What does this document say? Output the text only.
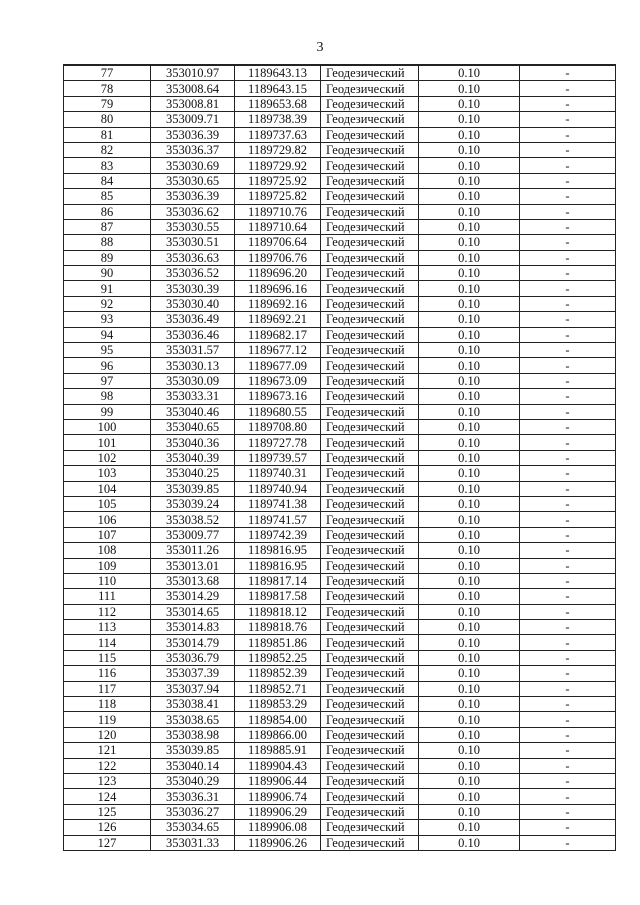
3
77	353010.97	1189643.13	Геодезический	0.10	-
78	353008.64	1189643.15	Геодезический	0.10	-
79	353008.81	1189653.68	Геодезический	0.10	-
80	353009.71	1189738.39	Геодезический	0.10	-
81	353036.39	1189737.63	Геодезический	0.10	-
82	353036.37	1189729.82	Геодезический	0.10	-
83	353030.69	1189729.92	Геодезический	0.10	-
84	353030.65	1189725.92	Геодезический	0.10	-
85	353036.39	1189725.82	Геодезический	0.10	-
86	353036.62	1189710.76	Геодезический	0.10	-
87	353030.55	1189710.64	Геодезический	0.10	-
88	353030.51	1189706.64	Геодезический	0.10	-
89	353036.63	1189706.76	Геодезический	0.10	-
90	353036.52	1189696.20	Геодезический	0.10	-
91	353030.39	1189696.16	Геодезический	0.10	-
92	353030.40	1189692.16	Геодезический	0.10	-
93	353036.49	1189692.21	Геодезический	0.10	-
94	353036.46	1189682.17	Геодезический	0.10	-
95	353031.57	1189677.12	Геодезический	0.10	-
96	353030.13	1189677.09	Геодезический	0.10	-
97	353030.09	1189673.09	Геодезический	0.10	-
98	353033.31	1189673.16	Геодезический	0.10	-
99	353040.46	1189680.55	Геодезический	0.10	-
100	353040.65	1189708.80	Геодезический	0.10	-
101	353040.36	1189727.78	Геодезический	0.10	-
102	353040.39	1189739.57	Геодезический	0.10	-
103	353040.25	1189740.31	Геодезический	0.10	-
104	353039.85	1189740.94	Геодезический	0.10	-
105	353039.24	1189741.38	Геодезический	0.10	-
106	353038.52	1189741.57	Геодезический	0.10	-
107	353009.77	1189742.39	Геодезический	0.10	-
108	353011.26	1189816.95	Геодезический	0.10	-
109	353013.01	1189816.95	Геодезический	0.10	-
110	353013.68	1189817.14	Геодезический	0.10	-
111	353014.29	1189817.58	Геодезический	0.10	-
112	353014.65	1189818.12	Геодезический	0.10	-
113	353014.83	1189818.76	Геодезический	0.10	-
114	353014.79	1189851.86	Геодезический	0.10	-
115	353036.79	1189852.25	Геодезический	0.10	-
116	353037.39	1189852.39	Геодезический	0.10	-
117	353037.94	1189852.71	Геодезический	0.10	-
118	353038.41	1189853.29	Геодезический	0.10	-
119	353038.65	1189854.00	Геодезический	0.10	-
120	353038.98	1189866.00	Геодезический	0.10	-
121	353039.85	1189885.91	Геодезический	0.10	-
122	353040.14	1189904.43	Геодезический	0.10	-
123	353040.29	1189906.44	Геодезический	0.10	-
124	353036.31	1189906.74	Геодезический	0.10	-
125	353036.27	1189906.29	Геодезический	0.10	-
126	353034.65	1189906.08	Геодезический	0.10	-
127	353031.33	1189906.26	Геодезический	0.10	-
